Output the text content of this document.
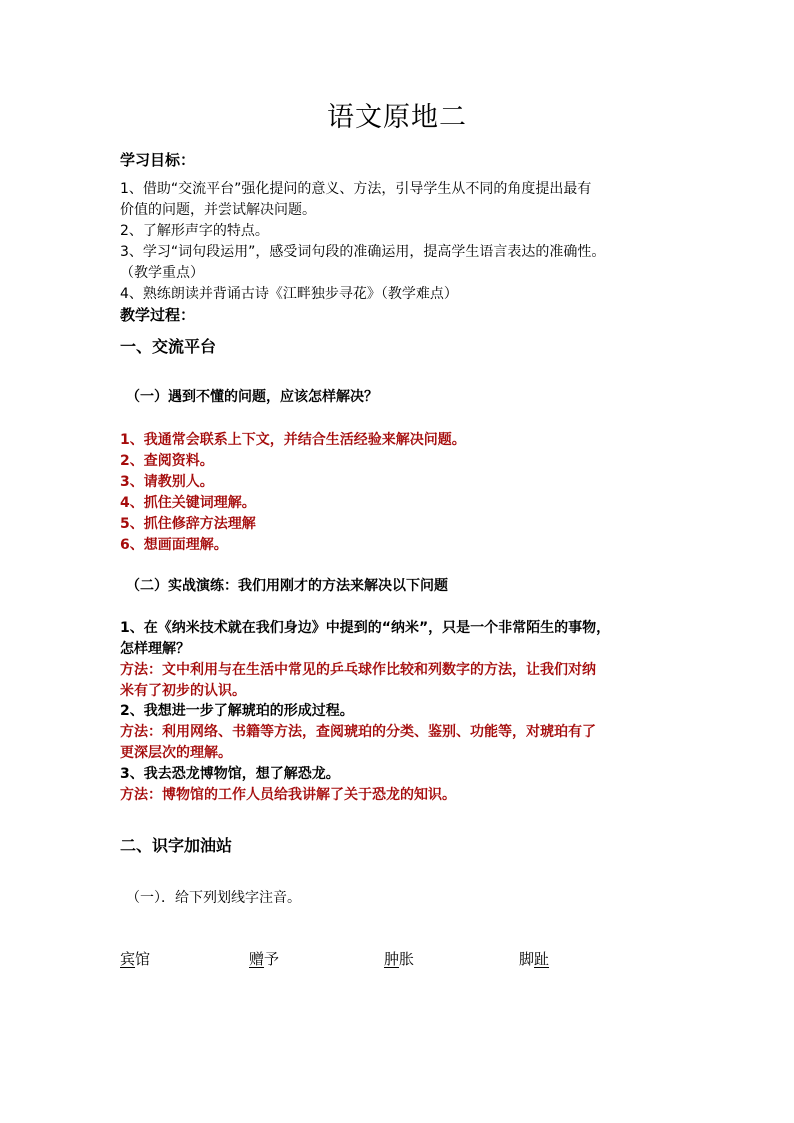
语文原地二
学习目标：
1、借助“交流平台”强化提问的意义、方法，引导学生从不同的角度提出最有
价值的问题，并尝试解决问题。
2、了解形声字的特点。
3、学习“词句段运用”，感受词句段的准确运用，提高学生语言表达的准确性。
（教学重点）
4、熟练朗读并背诵古诗《江畔独步寻花》（教学难点）
教学过程：
一、交流平台
（一）遇到不懂的问题，应该怎样解决？
1、我通常会联系上下文，并结合生活经验来解决问题。
2、查阅资料。
3、请教别人。
4、抓住关键词理解。
5、抓住修辞方法理解
6、想画面理解。
（二）实战演练：我们用刚才的方法来解决以下问题
1、在《纳米技术就在我们身边》中提到的“纳米”，只是一个非常陌生的事物，
怎样理解？
方法：文中利用与在生活中常见的乒乓球作比较和列数字的方法，让我们对纳
米有了初步的认识。
2、我想进一步了解琥珀的形成过程。
方法：利用网络、书籍等方法，查阅琥珀的分类、鉴别、功能等，对琥珀有了
更深层次的理解。
3、我去恐龙博物馆，想了解恐龙。
方法：博物馆的工作人员给我讲解了关于恐龙的知识。
二、识字加油站
（一）．给下列划线字注音。
宾馆	赠予	肿胀	脚趾
